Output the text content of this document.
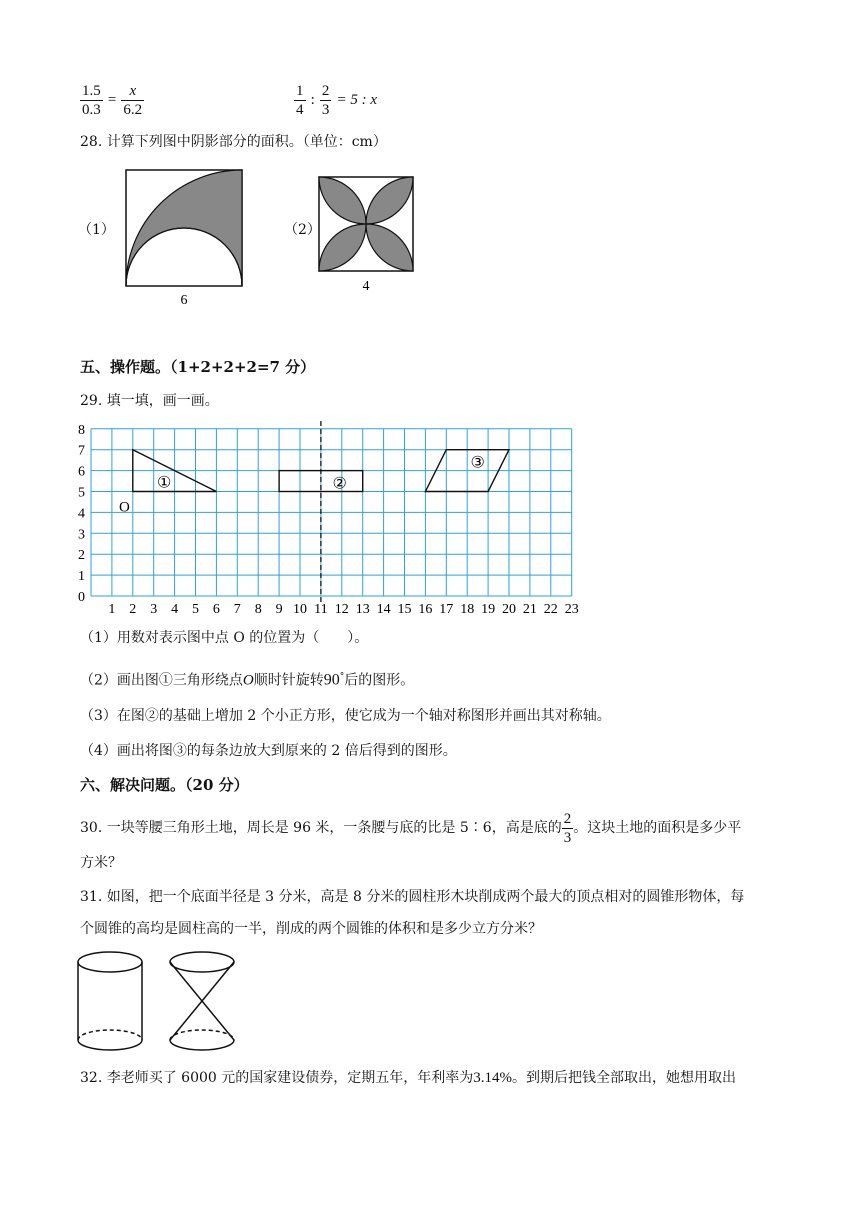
$\frac{1.5}{0.3} = \frac{x}{6.2}$	$\frac{1}{4}$ : $\frac{2}{3} = 5$ : x
28. 计算下列图中阴影部分的面积。（单位：cm）
（1）
6
（2）
4
五、操作题。（1+2+2+2=7 分）
29. 填一填，画一画。
0
1
2
3
4
5
6
7
8
1 2 3 4 5 6 7 8 9 10 11 12 13 14 15 16 17 18 19 20 21 22 23
①
O
②
③
（1）用数对表示图中点 O 的位置为（　　）。
（2）画出图①三角形绕点O顺时针旋转90°后的图形。
（3）在图②的基础上增加 2 个小正方形，使它成为一个轴对称图形并画出其对称轴。
（4）画出将图③的每条边放大到原来的 2 倍后得到的图形。
六、解决问题。（20 分）
30. 一块等腰三角形土地，周长是 96 米，一条腰与底的比是 5∶6，高是底的 $\frac{2}{3}$ 。这块土地的面积是多少平
方米？
31. 如图，把一个底面半径是 3 分米，高是 8 分米的圆柱形木块削成两个最大的顶点相对的圆锥形物体，每
个圆锥的高均是圆柱高的一半，削成的两个圆锥的体积和是多少立方分米？
32. 李老师买了 6000 元的国家建设债券，定期五年，年利率为3.14%。到期后把钱全部取出，她想用取出
